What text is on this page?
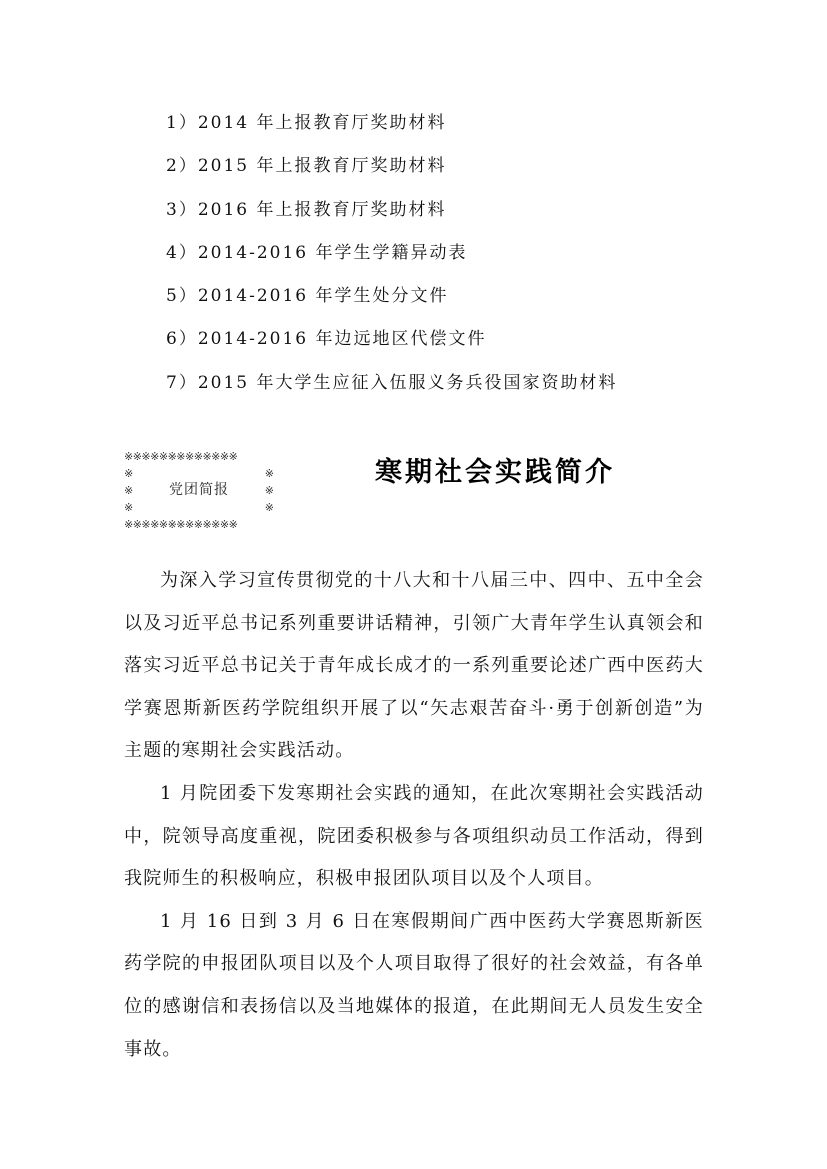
1）2014 年上报教育厅奖助材料
2）2015 年上报教育厅奖助材料
3）2016 年上报教育厅奖助材料
4）2014-2016 年学生学籍异动表
5）2014-2016 年学生处分文件
6）2014-2016 年边远地区代偿文件
7）2015 年大学生应征入伍服义务兵役国家资助材料
※※※※※※※※※※※※※
※	※
※	党团简报	※
※	※
※※※※※※※※※※※※※
寒期社会实践简介

为深入学习宣传贯彻党的十八大和十八届三中、四中、五中全会以及习近平总书记系列重要讲话精神，引领广大青年学生认真领会和落实习近平总书记关于青年成长成才的一系列重要论述广西中医药大学赛恩斯新医药学院组织开展了以“矢志艰苦奋斗·勇于创新创造”为主题的寒期社会实践活动。

1 月院团委下发寒期社会实践的通知，在此次寒期社会实践活动中，院领导高度重视，院团委积极参与各项组织动员工作活动，得到我院师生的积极响应，积极申报团队项目以及个人项目。

1 月 16 日到 3 月 6 日在寒假期间广西中医药大学赛恩斯新医药学院的申报团队项目以及个人项目取得了很好的社会效益，有各单位的感谢信和表扬信以及当地媒体的报道，在此期间无人员发生安全事故。
